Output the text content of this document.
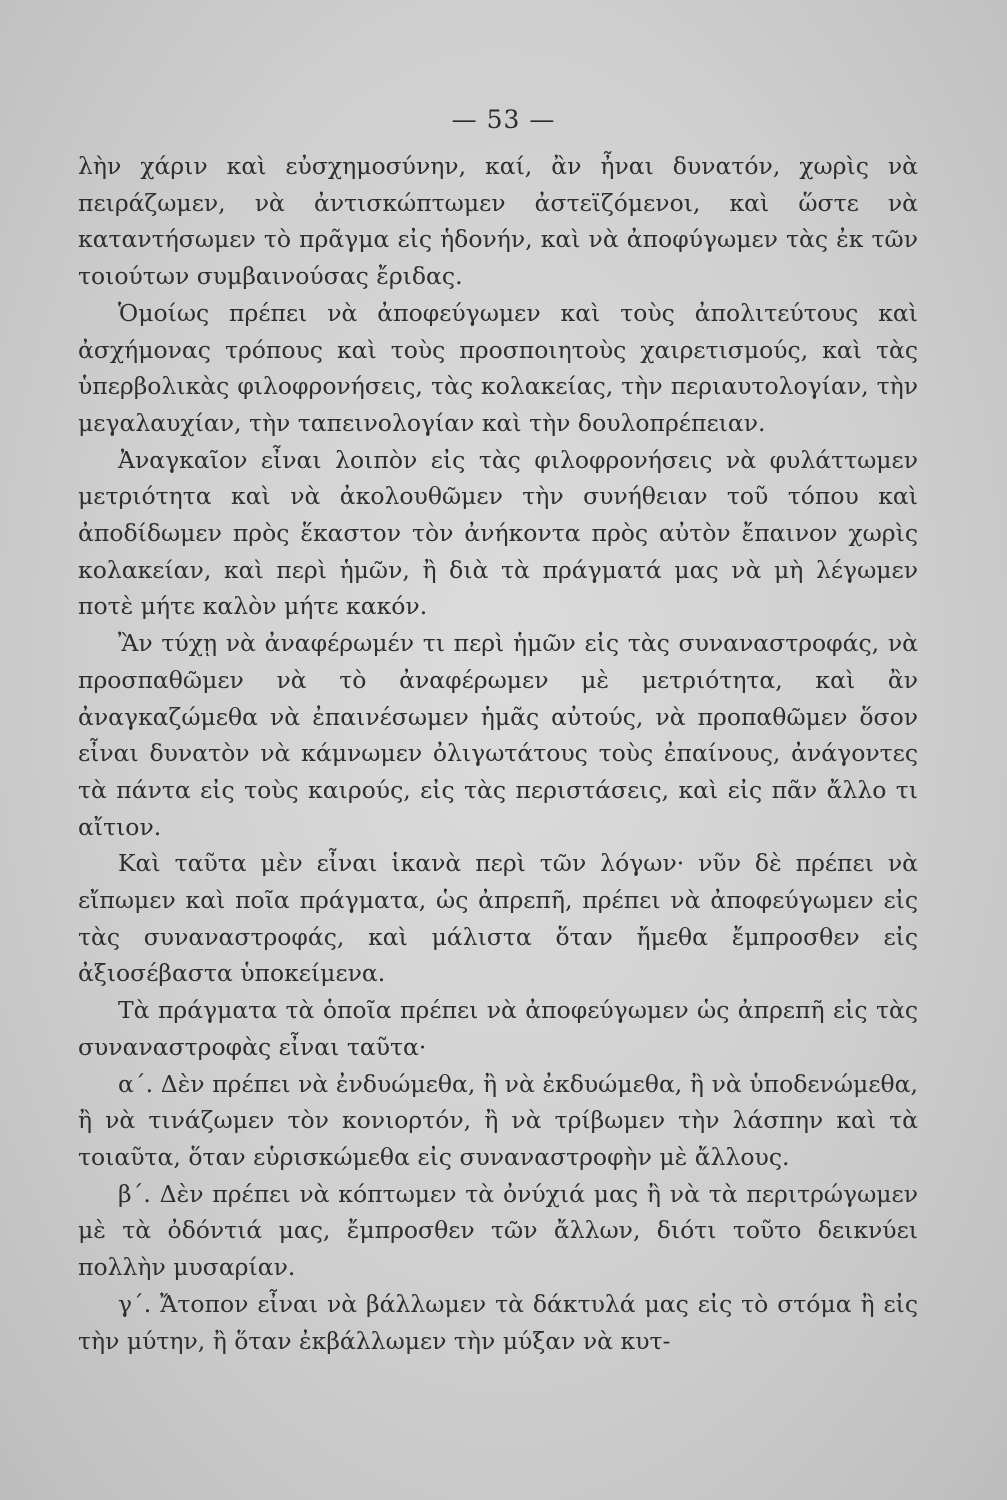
— 53 —

λὴν χάριν καὶ εὐσχημοσύνην, καί, ἂν ἦναι δυνατόν, χωρὶς νὰ πειράζωμεν, νὰ ἀντισκώπτωμεν ἀστεϊζόμενοι, καὶ ὥστε νὰ καταντήσωμεν τὸ πρᾶγμα εἰς ἡδονήν, καὶ νὰ ἀποφύγωμεν τὰς ἐκ τῶν τοιούτων συμβαινούσας ἔριδας.

Ὁμοίως πρέπει νὰ ἀποφεύγωμεν καὶ τοὺς ἀπολιτεύτους καὶ ἀσχήμονας τρόπους καὶ τοὺς προσποιητοὺς χαιρετισμούς, καὶ τὰς ὑπερβολικὰς φιλοφρονήσεις, τὰς κολακείας, τὴν περιαυτολογίαν, τὴν μεγαλαυχίαν, τὴν ταπεινολογίαν καὶ τὴν δουλοπρέπειαν.

Ἀναγκαῖον εἶναι λοιπὸν εἰς τὰς φιλοφρονήσεις νὰ φυλάττωμεν μετριότητα καὶ νὰ ἀκολουθῶμεν τὴν συνήθειαν τοῦ τόπου καὶ ἀποδίδωμεν πρὸς ἕκαστον τὸν ἀνήκοντα πρὸς αὐτὸν ἔπαινον χωρὶς κολακείαν, καὶ περὶ ἡμῶν, ἢ διὰ τὰ πράγματά μας νὰ μὴ λέγωμεν ποτὲ μήτε καλὸν μήτε κακόν.

Ἂν τύχῃ νὰ ἀναφέρωμέν τι περὶ ἡμῶν εἰς τὰς συναναστροφάς, νὰ προσπαθῶμεν νὰ τὸ ἀναφέρωμεν μὲ μετριότητα, καὶ ἂν ἀναγκαζώμεθα νὰ ἐπαινέσωμεν ἡμᾶς αὐτούς, νὰ προπαθῶμεν ὅσον εἶναι δυνατὸν νὰ κάμνωμεν ὀλιγωτάτους τοὺς ἐπαίνους, ἀνάγοντες τὰ πάντα εἰς τοὺς καιρούς, εἰς τὰς περιστάσεις, καὶ εἰς πᾶν ἄλλο τι αἴτιον.

Καὶ ταῦτα μὲν εἶναι ἱκανὰ περὶ τῶν λόγων· νῦν δὲ πρέπει νὰ εἴπωμεν καὶ ποῖα πράγματα, ὡς ἀπρεπῆ, πρέπει νὰ ἀποφεύγωμεν εἰς τὰς συναναστροφάς, καὶ μάλιστα ὅταν ἤμεθα ἔμπροσθεν εἰς ἀξιοσέβαστα ὑποκείμενα.

Τὰ πράγματα τὰ ὁποῖα πρέπει νὰ ἀποφεύγωμεν ὡς ἀπρεπῆ εἰς τὰς συναναστροφὰς εἶναι ταῦτα·

α΄. Δὲν πρέπει νὰ ἐνδυώμεθα, ἢ νὰ ἐκδυώμεθα, ἢ νὰ ὑποδενώμεθα, ἢ νὰ τινάζωμεν τὸν κονιορτόν, ἢ νὰ τρίβωμεν τὴν λάσπην καὶ τὰ τοιαῦτα, ὅταν εὑρισκώμεθα εἰς συναναστροφὴν μὲ ἄλλους.

β΄. Δὲν πρέπει νὰ κόπτωμεν τὰ ὀνύχιά μας ἢ νὰ τὰ περιτρώγωμεν μὲ τὰ ὀδόντιά μας, ἔμπροσθεν τῶν ἄλλων, διότι τοῦτο δεικνύει πολλὴν μυσαρίαν.

γ΄. Ἄτοπον εἶναι νὰ βάλλωμεν τὰ δάκτυλά μας εἰς τὸ στόμα ἢ εἰς τὴν μύτην, ἢ ὅταν ἐκβάλλωμεν τὴν μύξαν νὰ κυτ-
